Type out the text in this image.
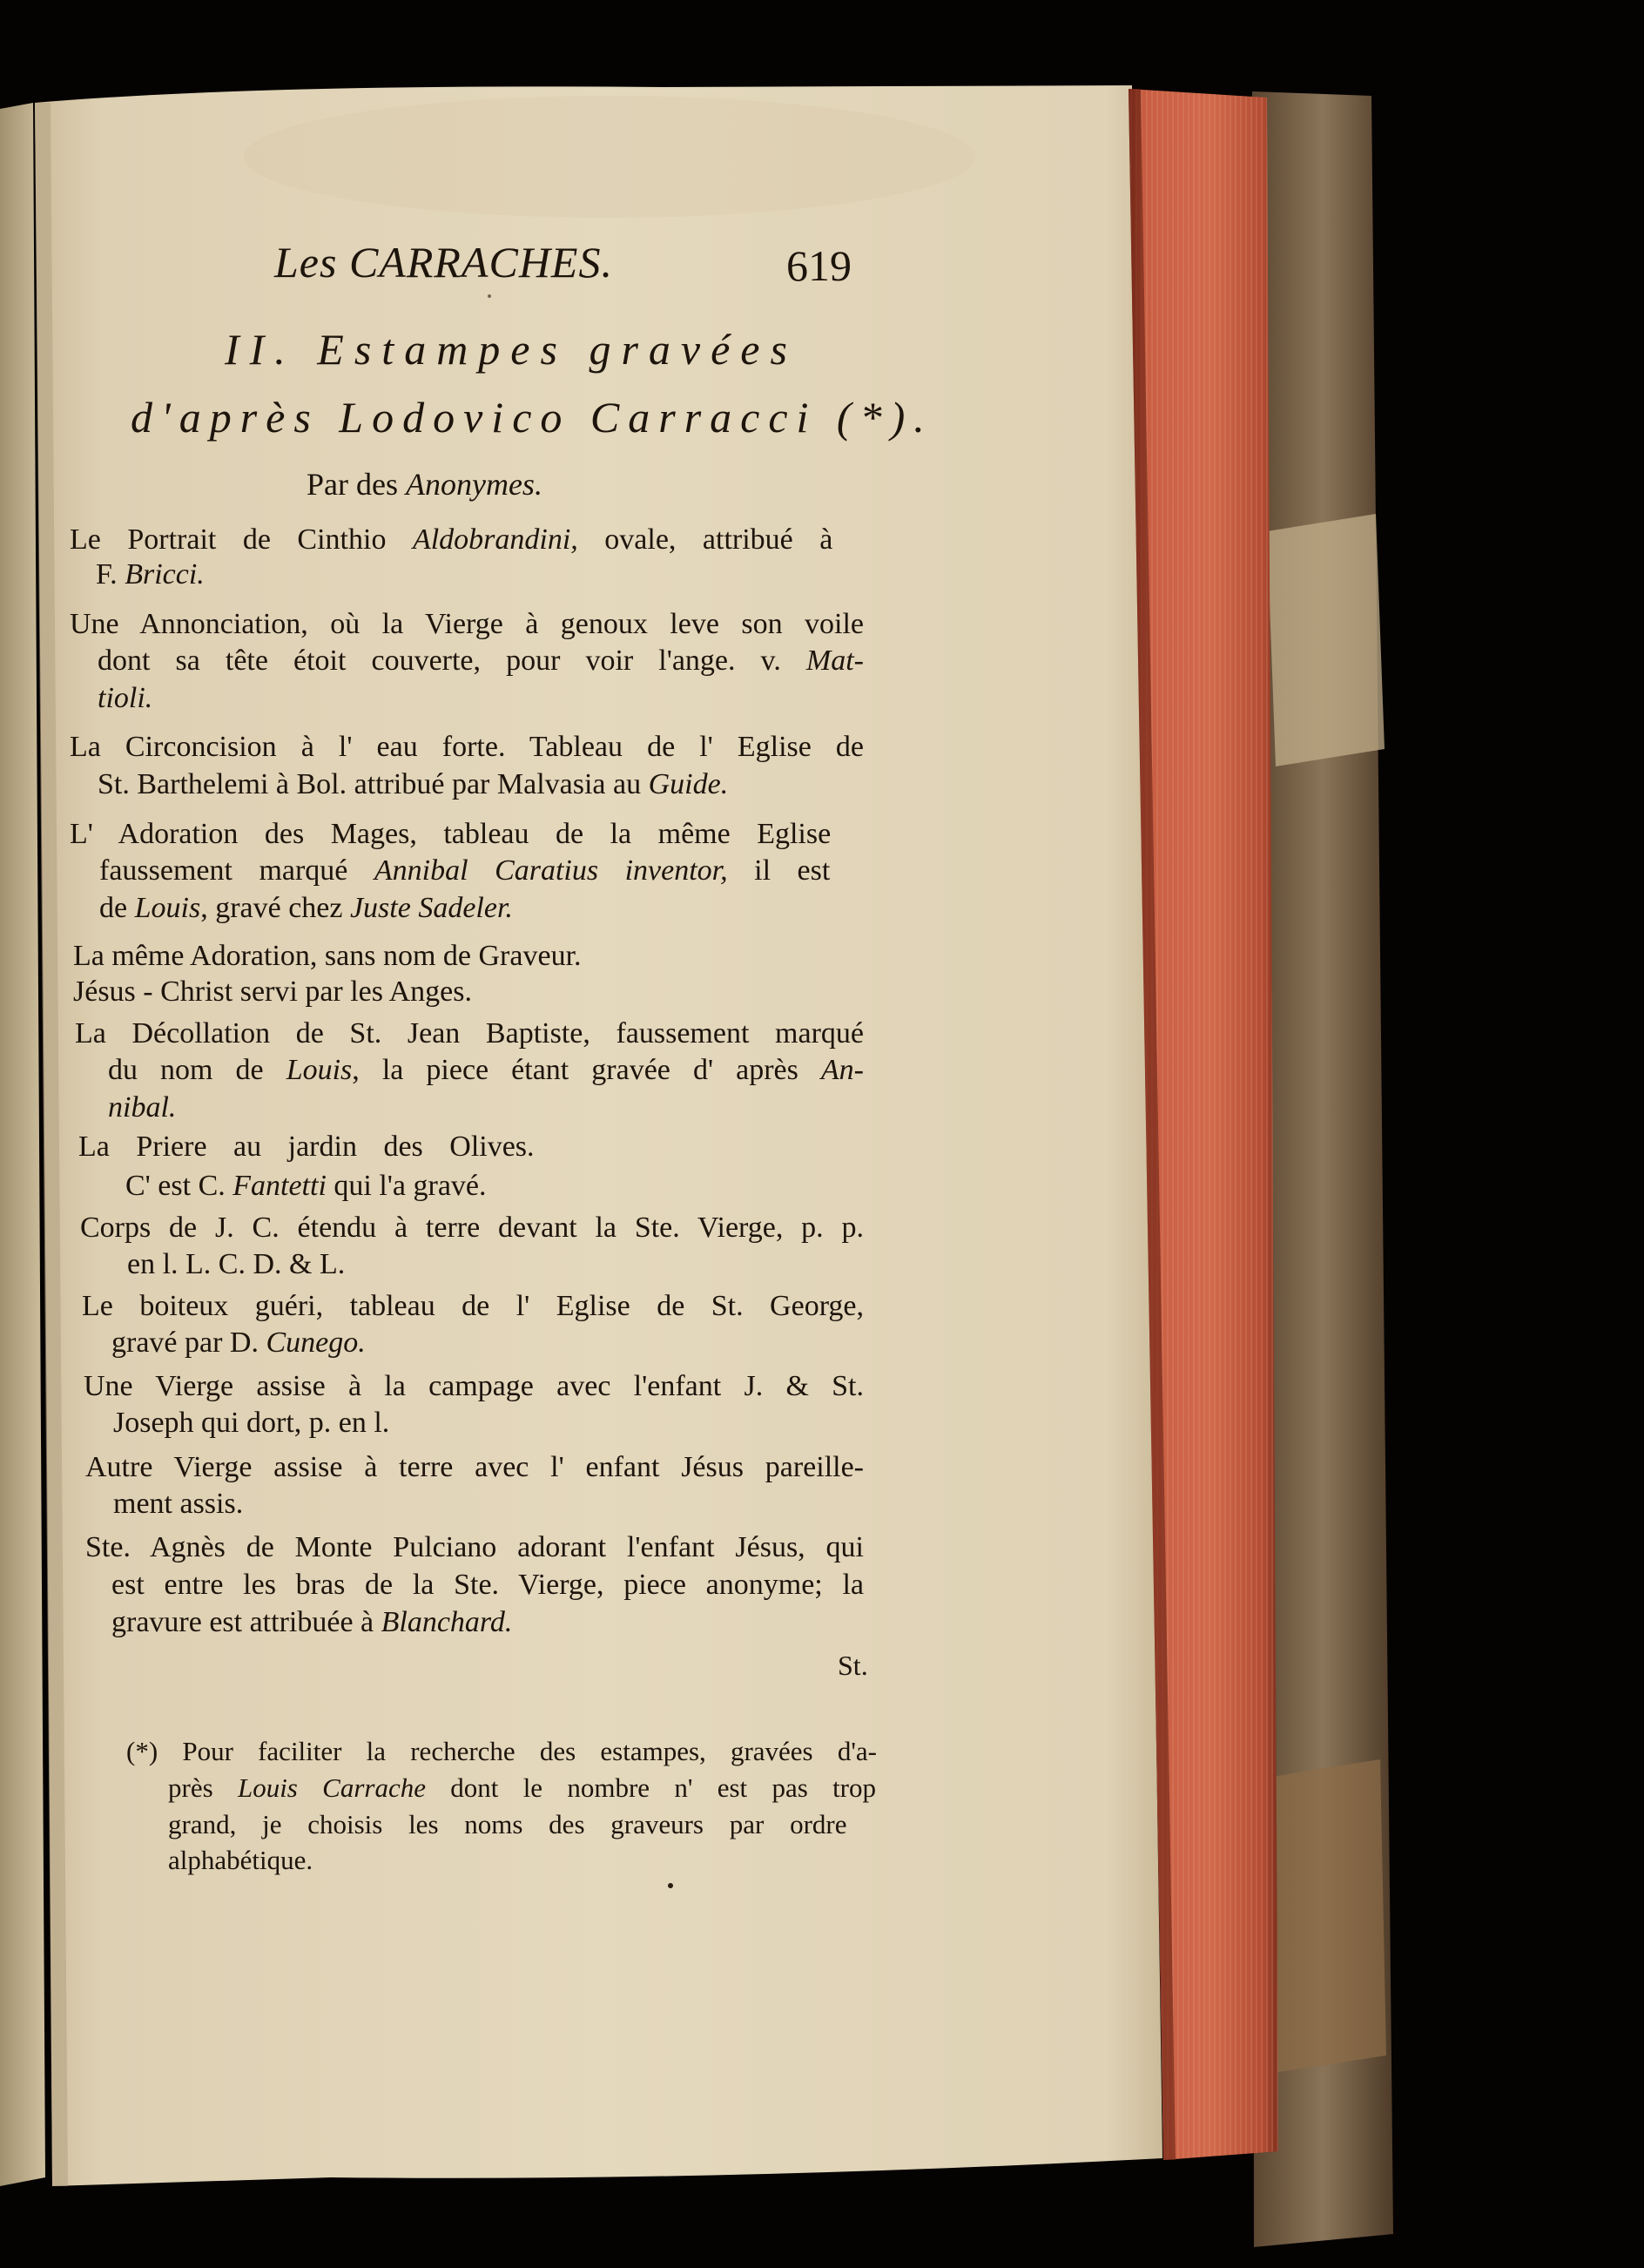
Les CARRACHES.	619
II. Estampes gravées
d'après Lodovico Carracci (*).
Par des Anonymes.
Le Portrait de Cinthio Aldobrandini, ovale, attribué à
F. Bricci.
Une Annonciation, où la Vierge à genoux leve son voile
dont sa tête étoit couverte, pour voir l'ange. v. Mat-
tioli.
La Circoncision à l' eau forte. Tableau de l' Eglise de
St. Barthelemi à Bol. attribué par Malvasia au Guide.
L' Adoration des Mages, tableau de la même Eglise
faussement marqué Annibal Caratius inventor, il est
de Louis, gravé chez Juste Sadeler.
La même Adoration, sans nom de Graveur.
Jésus - Christ servi par les Anges.
La Décollation de St. Jean Baptiste, faussement marqué
du nom de Louis, la piece étant gravée d' après An-
nibal.
La Priere au jardin des Olives.
C' est C. Fantetti qui l'a gravé.
Corps de J. C. étendu à terre devant la Ste. Vierge, p. p.
en l. L. C. D. & L.
Le boiteux guéri, tableau de l' Eglise de St. George,
gravé par D. Cunego.
Une Vierge assise à la campage avec l'enfant J. & St.
Joseph qui dort, p. en l.
Autre Vierge assise à terre avec l' enfant Jésus pareille-
ment assis.
Ste. Agnès de Monte Pulciano adorant l'enfant Jésus, qui
est entre les bras de la Ste. Vierge, piece anonyme; la
gravure est attribuée à Blanchard.
St.
(*) Pour faciliter la recherche des estampes, gravées d'a-
près Louis Carrache dont le nombre n' est pas trop
grand, je choisis les noms des graveurs par ordre
alphabétique.
